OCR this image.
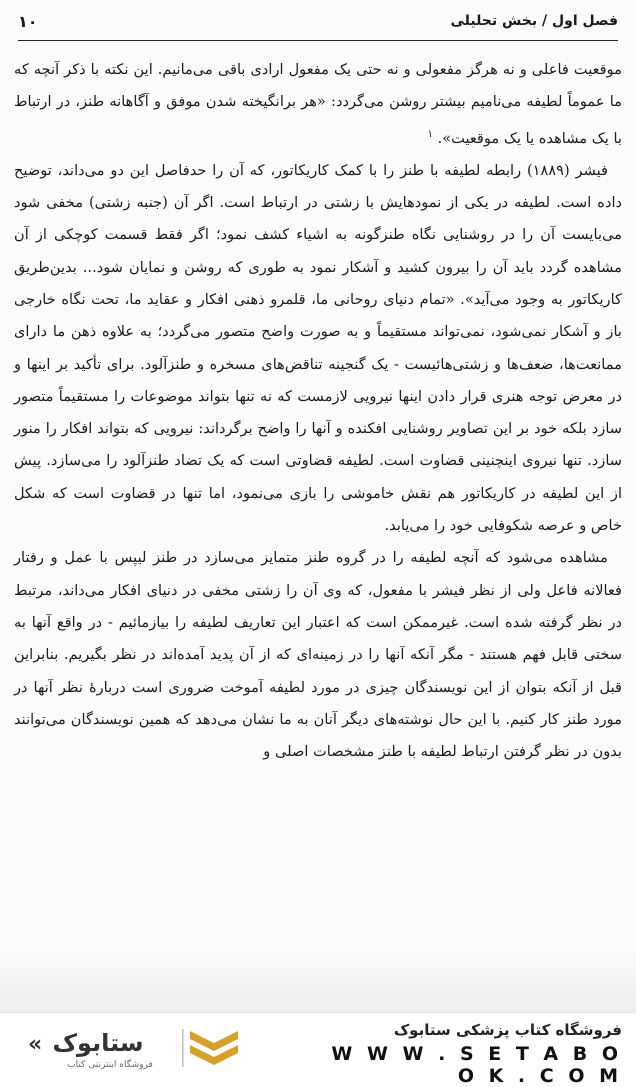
فصل اول / بخش تحلیلی
۱۰

موقعیت فاعلی و نه هرگز مفعولی و نه حتی یک مفعول ارادی باقی می‌مانیم. این نکته با ذکر آنچه که ما عموماً لطیفه می‌نامیم بیشتر روشن می‌گردد: «هر برانگیخته شدن موفق و آگاهانه طنز، در ارتباط با یک مشاهده یا یک موقعیت». $^۱$

فیشر (۱۸۸۹) رابطه لطیفه با طنز را با کمک کاریکاتور، که آن را حدفاصل این دو می‌داند، توضیح داده است. لطیفه در یکی از نمودهایش با زشتی در ارتباط است. اگر آن (جنبه زشتی) مخفی شود می‌بایست آن را در روشنایی نگاه طنزگونه به اشیاء کشف نمود؛ اگر فقط قسمت کوچکی از آن مشاهده گردد باید آن را بیرون کشید و آشکار نمود به طوری که روشن و نمایان شود... بدین‌طریق کاریکاتور به وجود می‌آید». «تمام دنیای روحانی ما، قلمرو ذهنی افکار و عقاید ما، تحت نگاه خارجی باز و آشکار نمی‌شود، نمی‌تواند مستقیماً و به صورت واضح متصور می‌گردد؛ به علاوه ذهن ما دارای ممانعت‌ها، ضعف‌ها و زشتی‌هائیست - یک گنجینه تناقض‌های مسخره و طنزآلود. برای تأکید بر اینها و در معرض توجه هنری قرار دادن اینها نیرویی لازمست که نه تنها بتواند موضوعات را مستقیماً متصور سازد بلکه خود بر این تصاویر روشنایی افکنده و آنها را واضح برگرداند: نیرویی که بتواند افکار را منور سازد. تنها نیروی اینچنینی قضاوت است. لطیفه قضاوتی است که یک تضاد طنزآلود را می‌سازد. پیش از این لطیفه در کاریکاتور هم نقش خاموشی را بازی می‌نمود، اما تنها در قضاوت است که شکل خاص و عرصه شکوفایی خود را می‌یابد.

مشاهده می‌شود که آنچه لطیفه را در گروه طنز متمایز می‌سازد در طنز لیپس با عمل و رفتار فعالانه فاعل ولی از نظر فیشر با مفعول، که وی آن را زشتی مخفی در دنیای افکار می‌داند، مرتبط در نظر گرفته شده است. غیرممکن است که اعتبار این تعاریف لطیفه را بیازمائیم - در واقع آنها به سختی قابل فهم هستند - مگر آنکه آنها را در زمینه‌ای که از آن پدید آمده‌اند در نظر بگیریم. بنابراین قبل از آنکه بتوان از این نویسندگان چیزی در مورد لطیفه آموخت ضروری است دربارهٔ نظر آنها در مورد طنز کار کنیم. با این حال نوشته‌های دیگر آنان به ما نشان می‌دهد که همین نویسندگان می‌توانند بدون در نظر گرفتن ارتباط لطیفه با طنز مشخصات اصلی و

ستابوک
فروشگاه اینترنتی کتاب
«
فروشگاه کتاب پزشکی ستابوک
W W W . S E T A B O O K . C O M
